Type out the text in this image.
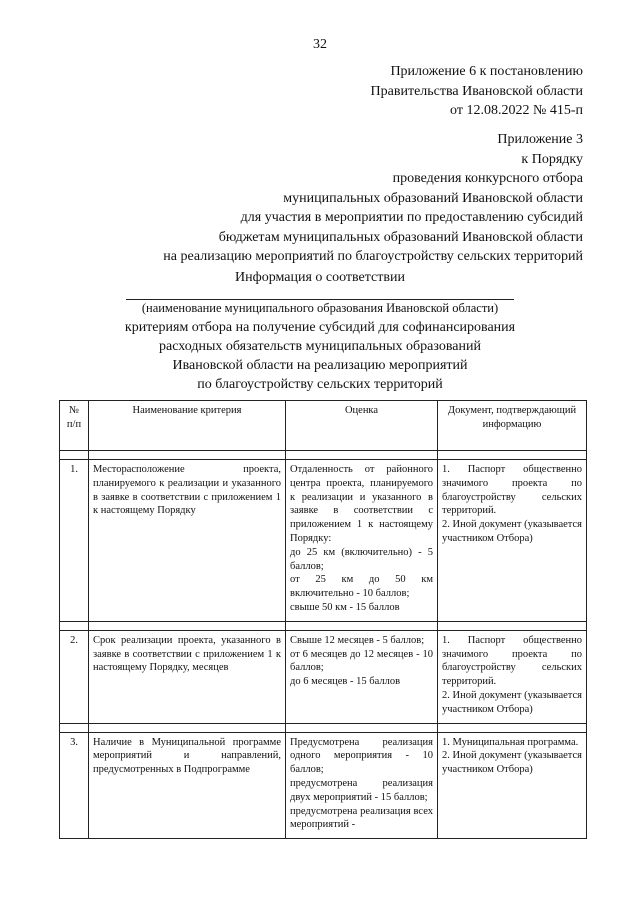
32
Приложение 6 к постановлению
Правительства Ивановской области
от 12.08.2022 № 415-п
Приложение 3
к Порядку
проведения конкурсного отбора
муниципальных образований Ивановской области
для участия в мероприятии по предоставлению субсидий
бюджетам муниципальных образований Ивановской области
на реализацию мероприятий по благоустройству сельских территорий
Информация о соответствии
(наименование муниципального образования Ивановской области)
критериям отбора на получение субсидий для софинансирования
расходных обязательств муниципальных образований
Ивановской области на реализацию мероприятий
по благоустройству сельских территорий
№ п/п	Наименование критерия	Оценка	Документ, подтверждающий информацию

1.	Месторасположение проекта, планируемого к реализации и указанного в заявке в соответствии с приложением 1 к настоящему Порядку	Отдаленность от районного центра проекта, планируемого к реализации и указанного в заявке в соответствии с приложением 1 к настоящему Порядку:
до 25 км (включительно) - 5 баллов;
от 25 км до 50 км включительно - 10 баллов;
свыше 50 км - 15 баллов	1. Паспорт общественно значимого проекта по благоустройству сельских территорий.
2. Иной документ (указывается участником Отбора)

2.	Срок реализации проекта, указанного в заявке в соответствии с приложением 1 к настоящему Порядку, месяцев	Свыше 12 месяцев - 5 баллов;
от 6 месяцев до 12 месяцев - 10 баллов;
до 6 месяцев - 15 баллов	1. Паспорт общественно значимого проекта по благоустройству сельских территорий.
2. Иной документ (указывается участником Отбора)

3.	Наличие в Муниципальной программе мероприятий и направлений, предусмотренных в Подпрограмме	Предусмотрена реализация одного мероприятия - 10 баллов;
предусмотрена реализация двух мероприятий - 15 баллов;
предусмотрена реализация всех мероприятий -	1. Муниципальная программа.
2. Иной документ (указывается участником Отбора)
